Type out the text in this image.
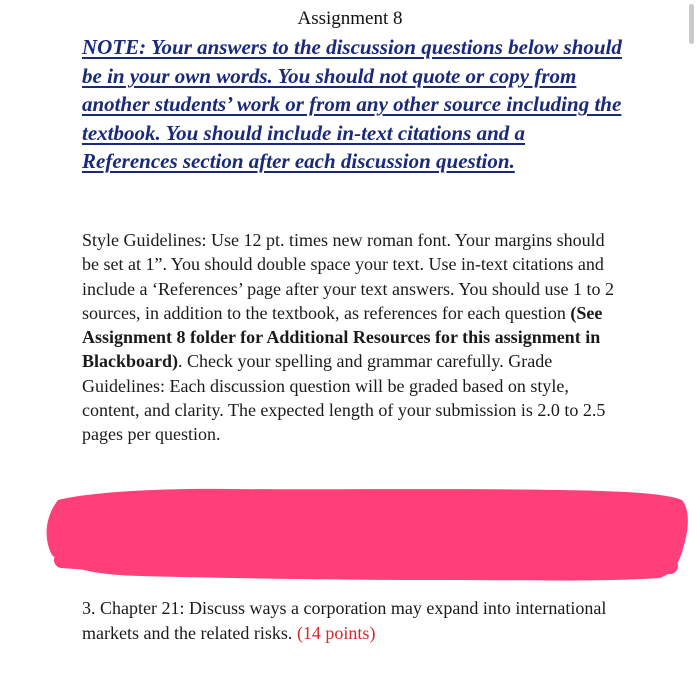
Assignment 8

NOTE: Your answers to the discussion questions below should be in your own words. You should not quote or copy from another students’ work or from any other source including the textbook. You should include in-text citations and a References section after each discussion question.

Style Guidelines: Use 12 pt. times new roman font. Your margins should be set at 1”. You should double space your text. Use in-text citations and include a ‘References’ page after your text answers. You should use 1 to 2 sources, in addition to the textbook, as references for each question (See Assignment 8 folder for Additional Resources for this assignment in Blackboard). Check your spelling and grammar carefully. Grade Guidelines: Each discussion question will be graded based on style, content, and clarity. The expected length of your submission is 2.0 to 2.5 pages per question.

3. Chapter 21: Discuss ways a corporation may expand into international markets and the related risks. (14 points)
